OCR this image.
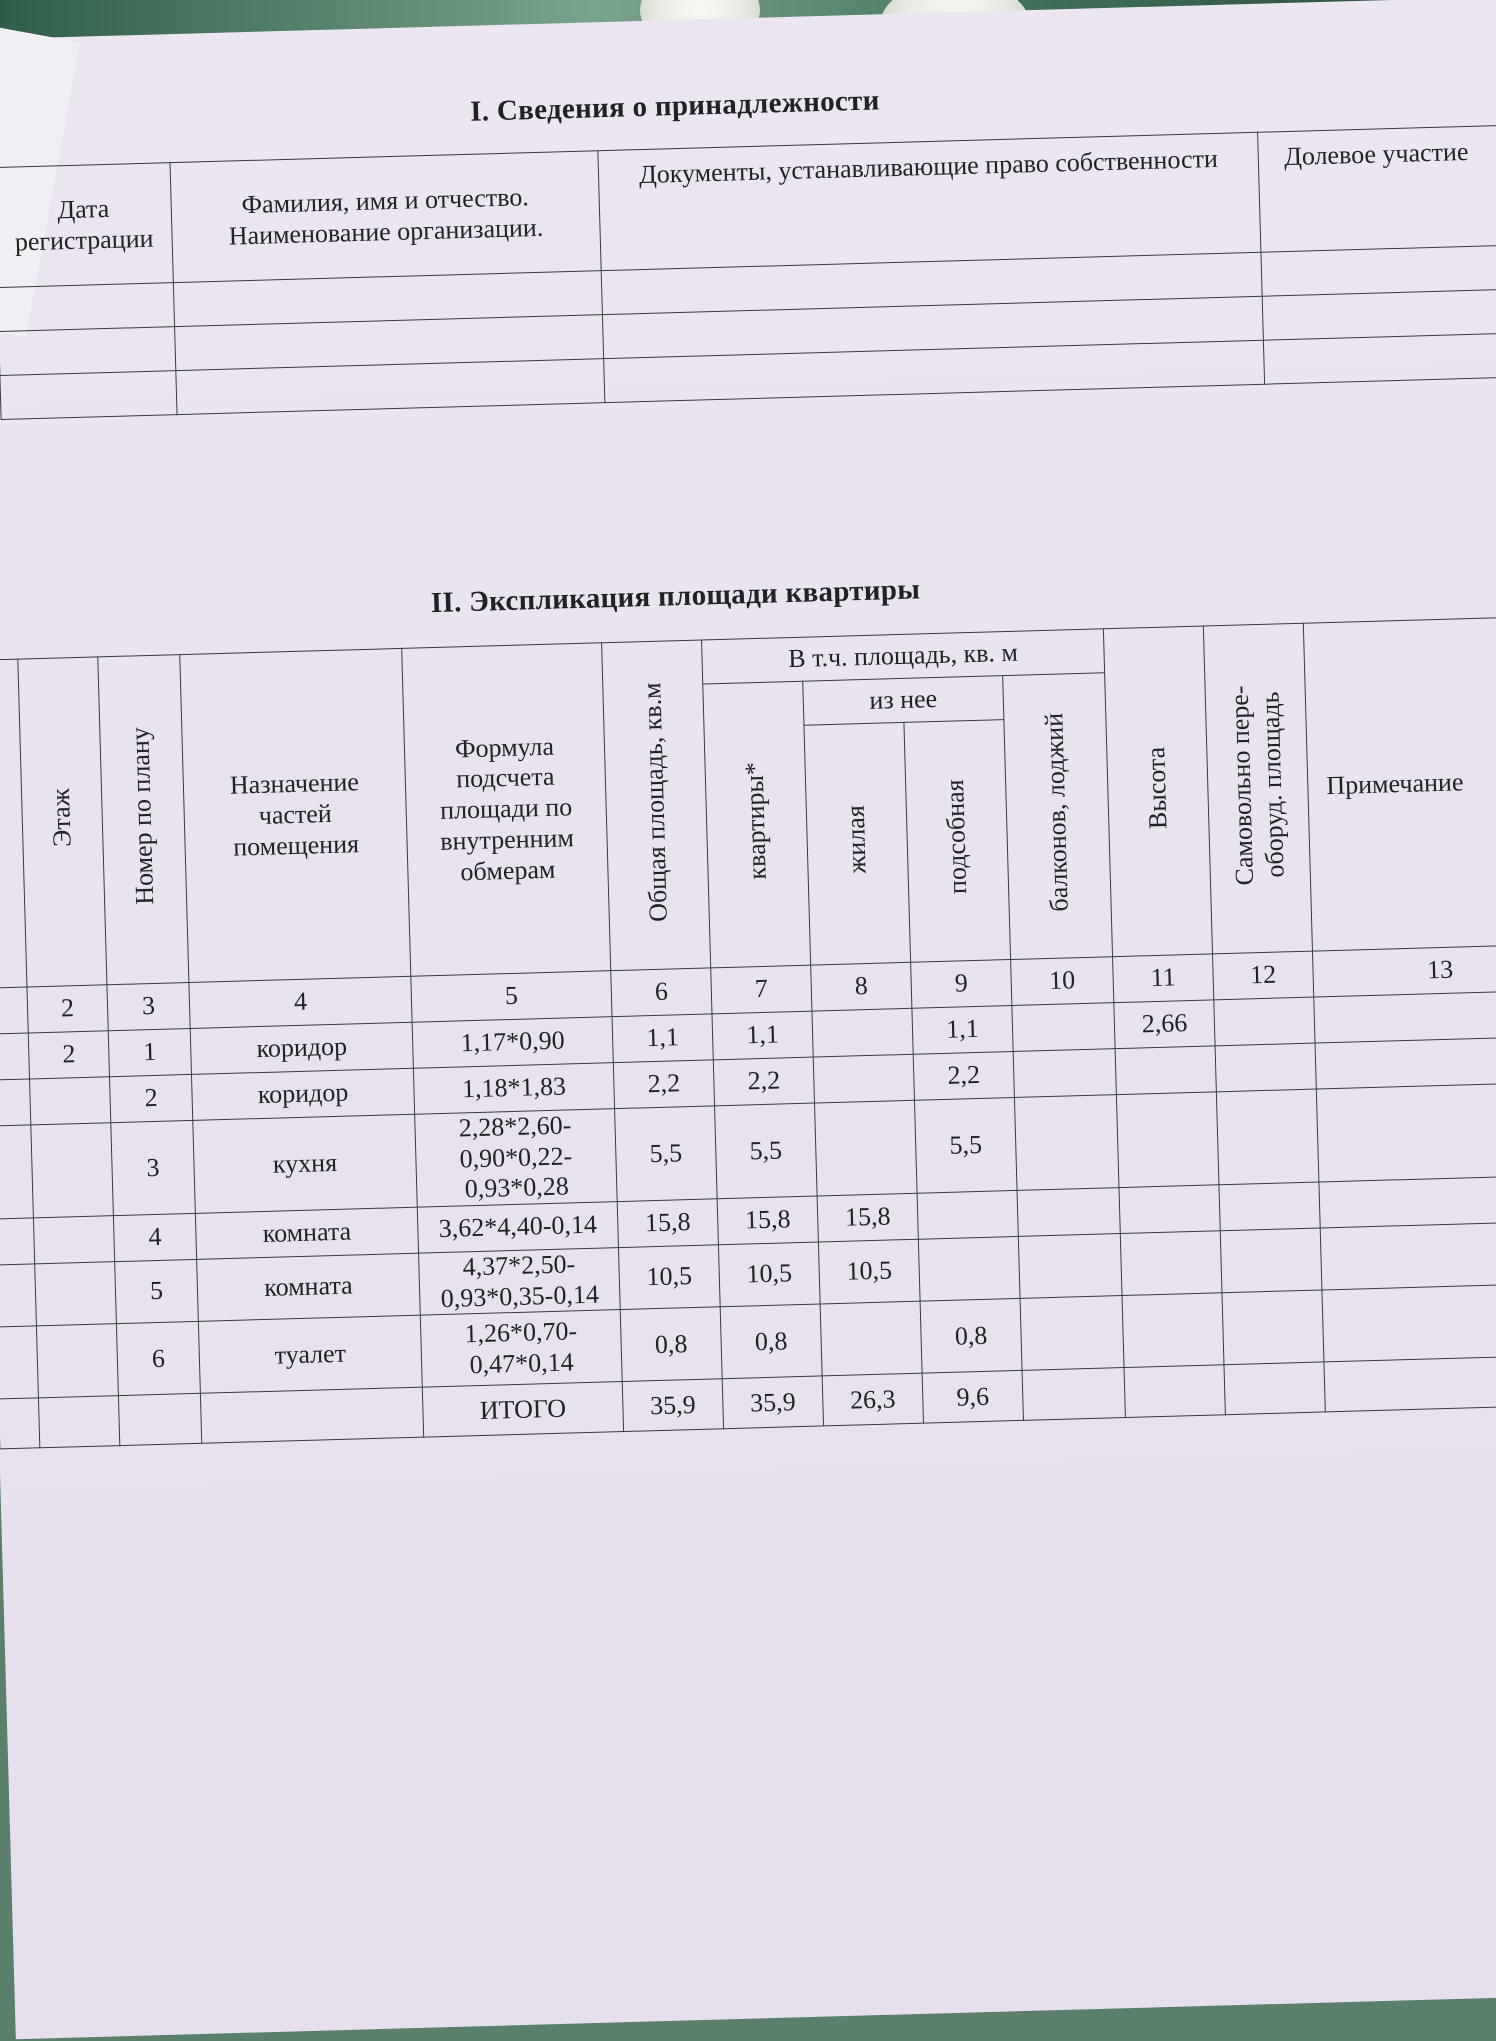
I. Сведения о принадлежности
Дата регистрации	Фамилия, имя и отчество. Наименование организации.	Документы, устанавливающие право собственности	Долевое участие

II. Экспликация площади квартиры
	Этаж	Номер по плану	Назначение частей помещения	Формула подсчета площади по внутренним обмерам	Общая площадь, кв.м	В т.ч. площадь, кв. м				Высота	Самовольно пере-оборуд. площадь	Примечание
						квартиры*	из нее		балконов, лоджий			
							жилая	подсобная				
	2	3	4	5	6	7	8	9	10	11	12	13
	2	1	коридор	1,17*0,90	1,1	1,1		1,1		2,66		
		2	коридор	1,18*1,83	2,2	2,2		2,2				
		3	кухня	2,28*2,60-
0,90*0,22-
0,93*0,28	5,5	5,5		5,5				
		4	комната	3,62*4,40-0,14	15,8	15,8	15,8					
		5	комната	4,37*2,50-
0,93*0,35-0,14	10,5	10,5	10,5					
		6	туалет	1,26*0,70-
0,47*0,14	0,8	0,8		0,8				
				ИТОГО	35,9	35,9	26,3	9,6				
